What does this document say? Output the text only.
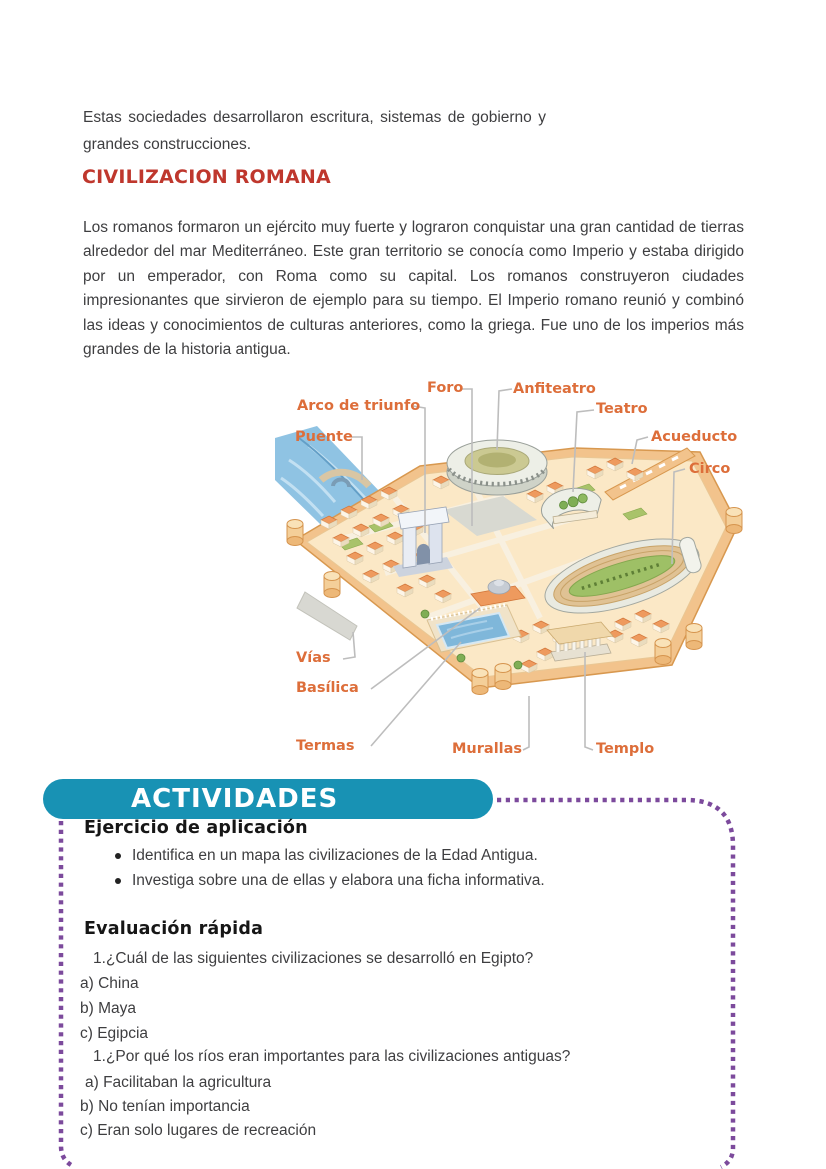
Estas sociedades desarrollaron escritura, sistemas de gobierno y grandes construcciones.

CIVILIZACION ROMANA

Los romanos formaron un ejército muy fuerte y lograron conquistar una gran cantidad de tierras alrededor del mar Mediterráneo. Este gran territorio se conocía como Imperio y estaba dirigido por un emperador, con Roma como su capital. Los romanos construyeron ciudades impresionantes que sirvieron de ejemplo para su tiempo. El Imperio romano reunió y combinó las ideas y conocimientos de culturas anteriores, como la griega. Fue uno de los imperios más grandes de la historia antigua.

Foro	Anfiteatro
Arco de triunfo	Teatro
Puente	Acueducto
Circo
Vías
Basílica
Termas	Murallas	Templo
ACTIVIDADES
Ejercicio de aplicación
Identifica en un mapa las civilizaciones de la Edad Antigua.
Investiga sobre una de ellas y elabora una ficha informativa.
Evaluación rápida
1.¿Cuál de las siguientes civilizaciones se desarrolló en Egipto?
a) China
b) Maya
c) Egipcia
1.¿Por qué los ríos eran importantes para las civilizaciones antiguas?
a) Facilitaban la agricultura
b) No tenían importancia
c) Eran solo lugares de recreación
